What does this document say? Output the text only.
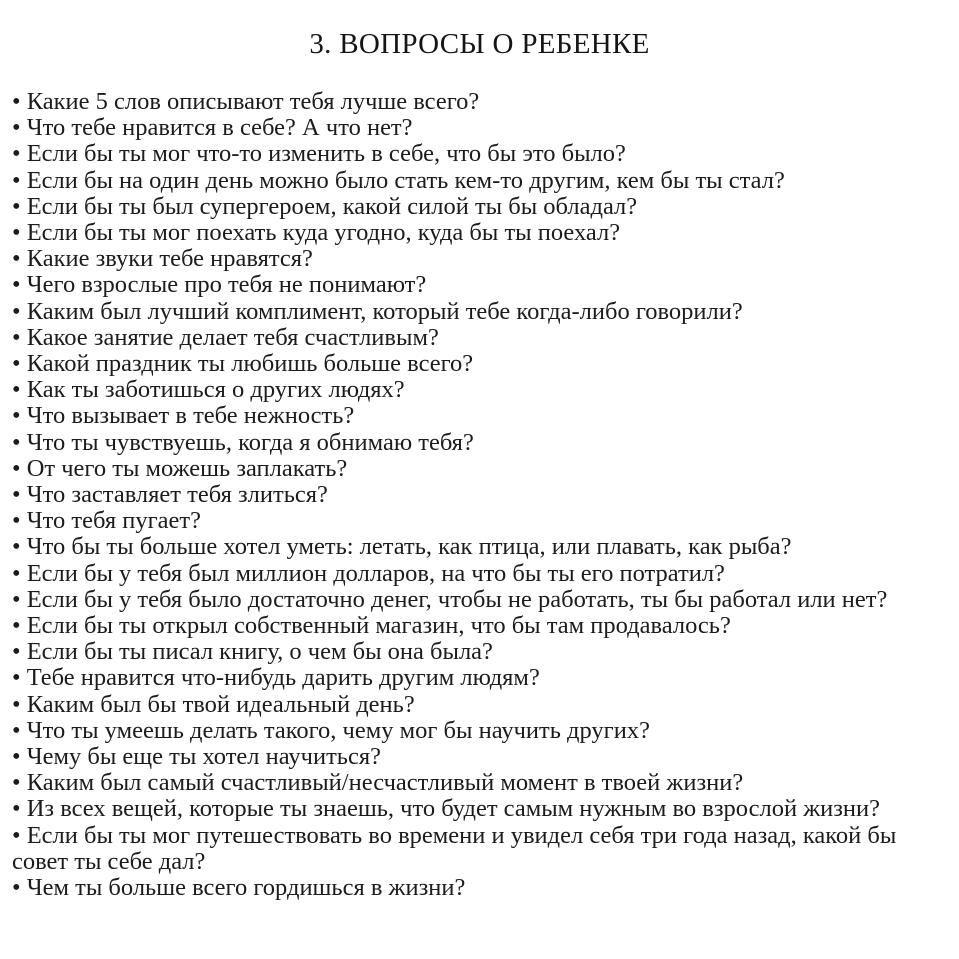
3. ВОПРОСЫ О РЕБЕНКЕ
• Какие 5 слов описывают тебя лучше всего?
• Что тебе нравится в себе? А что нет?
• Если бы ты мог что-то изменить в себе, что бы это было?
• Если бы на один день можно было стать кем-то другим, кем бы ты стал?
• Если бы ты был супергероем, какой силой ты бы обладал?
• Если бы ты мог поехать куда угодно, куда бы ты поехал?
• Какие звуки тебе нравятся?
• Чего взрослые про тебя не понимают?
• Каким был лучший комплимент, который тебе когда-либо говорили?
• Какое занятие делает тебя счастливым?
• Какой праздник ты любишь больше всего?
• Как ты заботишься о других людях?
• Что вызывает в тебе нежность?
• Что ты чувствуешь, когда я обнимаю тебя?
• От чего ты можешь заплакать?
• Что заставляет тебя злиться?
• Что тебя пугает?
• Что бы ты больше хотел уметь: летать, как птица, или плавать, как рыба?
• Если бы у тебя был миллион долларов, на что бы ты его потратил?
• Если бы у тебя было достаточно денег, чтобы не работать, ты бы работал или нет?
• Если бы ты открыл собственный магазин, что бы там продавалось?
• Если бы ты писал книгу, о чем бы она была?
• Тебе нравится что-нибудь дарить другим людям?
• Каким был бы твой идеальный день?
• Что ты умеешь делать такого, чему мог бы научить других?
• Чему бы еще ты хотел научиться?
• Каким был самый счастливый/несчастливый момент в твоей жизни?
• Из всех вещей, которые ты знаешь, что будет самым нужным во взрослой жизни?
• Если бы ты мог путешествовать во времени и увидел себя три года назад, какой бы совет ты себе дал?
• Чем ты больше всего гордишься в жизни?
